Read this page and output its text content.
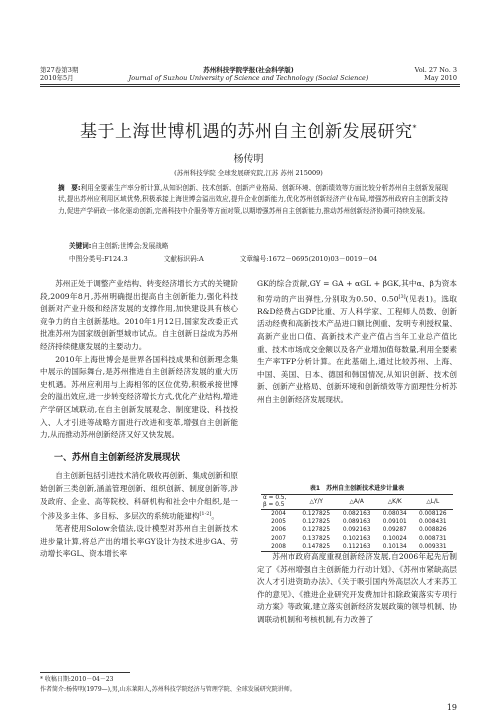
第27卷第3期
2010年5月
苏州科技学院学报(社会科学版)
Journal of Suzhou University of Science and Technology (Social Science)
Vol. 27 No. 3
May 2010
基于上海世博机遇的苏州自主创新发展研究*
杨传明
(苏州科技学院 全球发展研究院,江苏 苏州 215009)
摘　要:利用全要素生产率分析计算,从知识创新、技术创新、创新产业格局、创新环境、创新绩效等方面比较分析苏州自主创新发展现状,提出苏州应利用区域优势,积极承接上海世博会溢出效应,提升企业创新能力,优化苏州创新经济产业布局,增强苏州政府自主创新支持力,促进产学研政一体化驱动创新,完善科技中介服务等方面对策,以期增强苏州自主创新能力,推动苏州创新经济协调可持续发展。
关键词:自主创新;世博会;发展战略
中图分类号:F124.3	文献标识码:A	文章编号:1672－0695(2010)03－0019－04

苏州正处于调整产业结构、转变经济增长方式的关键阶段,2009年8月,苏州明确提出提高自主创新能力,强化科技创新对产业升级和经济发展的支撑作用,加快建设具有核心竞争力的自主创新基地。2010年1月12日,国家发改委正式批准苏州为国家级创新型城市试点。自主创新日益成为苏州经济持续健康发展的主要动力。

2010年上海世博会是世界各国科技成果和创新理念集中展示的国际舞台,是苏州推进自主创新经济发展的重大历史机遇。苏州应利用与上海相邻的区位优势,积极承接世博会的溢出效应,进一步转变经济增长方式,优化产业结构,增进产学研区域联动,在自主创新发展观念、制度建设、科技投入、人才引进等战略方面进行改进和变革,增强自主创新能力,从而推动苏州创新经济又好又快发展。

一、苏州自主创新经济发展现状

自主创新包括引进技术消化吸收再创新、集成创新和原始创新三类创新,涵盖管理创新、组织创新、制度创新等,涉及政府、企业、高等院校、科研机构和社会中介组织,是一个涉及多主体、多目标、多层次的系统功能建构[1-2]。

笔者使用Solow余值法,设计模型对苏州自主创新技术进步量计算,将总产出的增长率GY设计为技术进步GA、劳动增长率GL、资本增长率

GK的综合贡献,GY = GA + αGL + βGK,其中α、β为资本和劳动的产出弹性,分别取为0.50、0.50[3](见表1)。选取R&D经费占GDP比重、万人科学家、工程师人员数、创新活动经费和高新技术产品进口额比例重、发明专利授权量、高新产业出口值、高新技术产业产值占当年工业总产值比重、技术市场成交金额以及各产业增加值每数量,利用全要素生产率TFP分析计算。在此基础上,通过比较苏州、上海、中国、美国、日本、德国和韩国情况,从知识创新、技术创新、创新产业格局、创新环境和创新绩效等方面理性分析苏州自主创新经济发展现状。

表1　苏州自主创新技术进步计量表
α = 0.5,
β = 0.5	△Y/Y	△A/A	△K/K	△L/L
2004	0.127825	0.082163	0.08034	0.008126
2005	0.127825	0.089163	0.09101	0.008431
2006	0.127825	0.092163	0.09287	0.008826
2007	0.137825	0.102163	0.10024	0.008731
2008	0.147825	0.112163	0.10134	0.009331

苏州市政府高度重视创新经济发展,自2006年起先后制定了《苏州增强自主创新能力行动计划》、《苏州市紧缺高层次人才引进资助办法》、《关于吸引国内外高层次人才来苏工作的意见》、《推进企业研究开发费加计扣除政策落实专项行动方案》等政策,建立落实创新经济发展政策的领导机制、协调联动机制和考核机制,有力改善了

* 收稿日期:2010－04－23
作者简介:杨传明(1979—),男,山东莱阳人,苏州科技学院经济与管理学院、全球发展研究院讲师。
19
